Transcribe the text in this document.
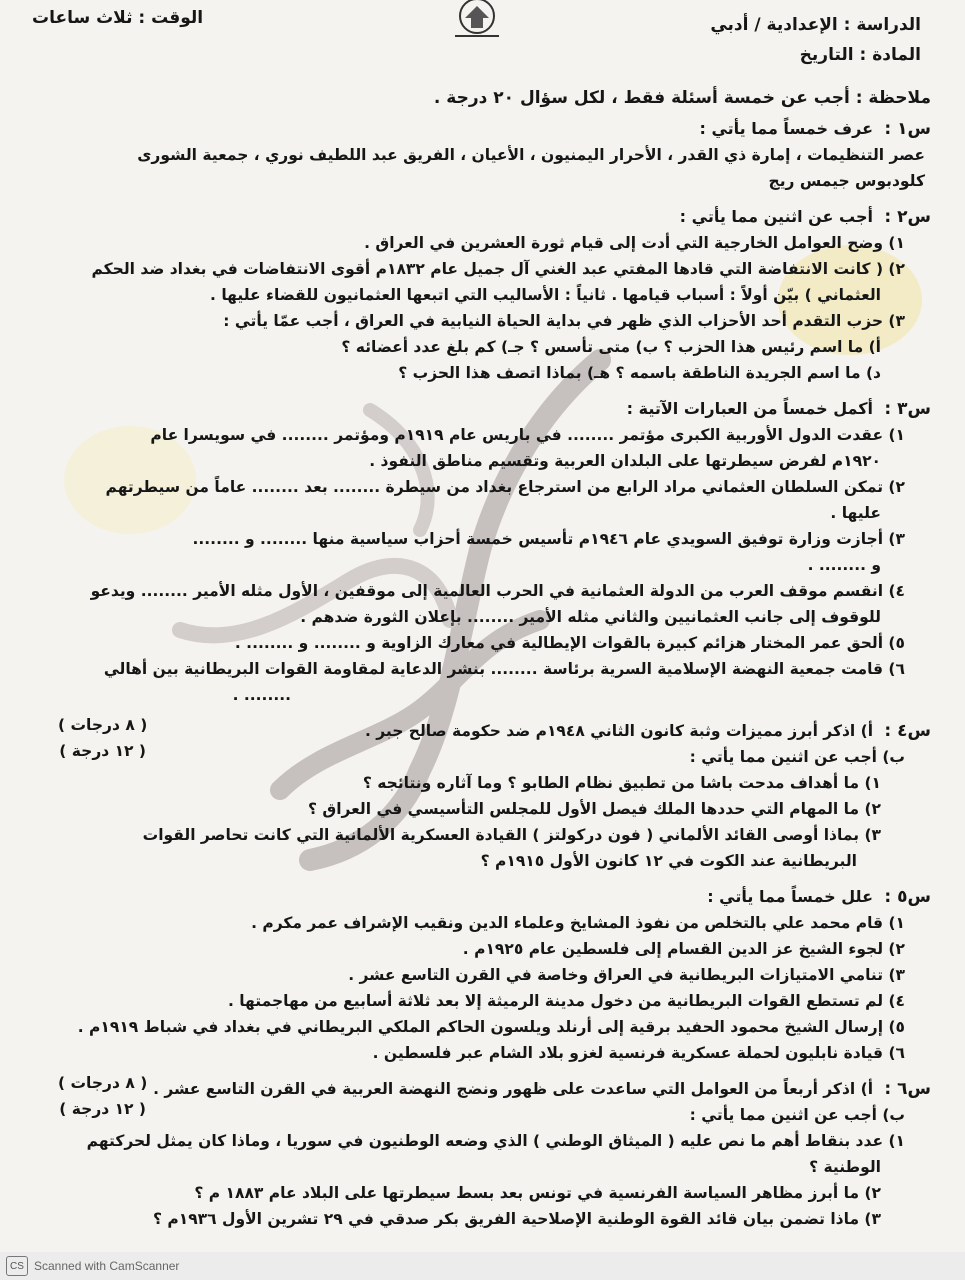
الدراسة : الإعدادية / أدبي
المادة : التاريخ
الوقت : ثلاث ساعات
ملاحظة : أجب عن خمسة أسئلة فقط ، لكل سؤال ٢٠ درجة .
س١ : عرف خمساً مما يأتي :
عصر التنظيمات ، إمارة ذي القدر ، الأحرار اليمنيون ، الأعيان ، الفريق عبد اللطيف نوري ، جمعية الشورى
كلودبوس جيمس ريج
س٢ : أجب عن اثنين مما يأتي :
١) وضح العوامل الخارجية التي أدت إلى قيام ثورة العشرين في العراق .
٢) ( كانت الانتفاضة التي قادها المفتي عبد الغني آل جميل عام ١٨٣٢م أقوى الانتفاضات في بغداد ضد الحكم
العثماني ) بيّن أولاً : أسباب قيامها . ثانياً : الأساليب التي اتبعها العثمانيون للقضاء عليها .
٣) حزب التقدم أحد الأحزاب الذي ظهر في بداية الحياة النيابية في العراق ، أجب عمّا يأتي :
أ) ما اسم رئيس هذا الحزب ؟ ب) متى تأسس ؟ جـ) كم بلغ عدد أعضائه ؟
د) ما اسم الجريدة الناطقة باسمه ؟ هـ) بماذا اتصف هذا الحزب ؟
س٣ : أكمل خمساً من العبارات الآتية :
١) عقدت الدول الأوربية الكبرى مؤتمر ........ في باريس عام ١٩١٩م ومؤتمر ........ في سويسرا عام
١٩٢٠م لفرض سيطرتها على البلدان العربية وتقسيم مناطق النفوذ .
٢) تمكن السلطان العثماني مراد الرابع من استرجاع بغداد من سيطرة ........ بعد ........ عاماً من سيطرتهم
عليها .
٣) أجازت وزارة توفيق السويدي عام ١٩٤٦م تأسيس خمسة أحزاب سياسية منها ........ و ........
و ........ .
٤) انقسم موقف العرب من الدولة العثمانية في الحرب العالمية إلى موقفين ، الأول مثله الأمير ........ ويدعو
للوقوف إلى جانب العثمانيين والثاني مثله الأمير ........ بإعلان الثورة ضدهم .
٥) ألحق عمر المختار هزائم كبيرة بالقوات الإيطالية في معارك الزاوية و ........ و ........ .
٦) قامت جمعية النهضة الإسلامية السرية برئاسة ........ بنشر الدعاية لمقاومة القوات البريطانية بين أهالي
........ .
( ٨ درجات )
( ١٢ درجة )
س٤ : أ) اذكر أبرز مميزات وثبة كانون الثاني ١٩٤٨م ضد حكومة صالح جبر .
ب) أجب عن اثنين مما يأتي :
١) ما أهداف مدحت باشا من تطبيق نظام الطابو ؟ وما آثاره ونتائجه ؟
٢) ما المهام التي حددها الملك فيصل الأول للمجلس التأسيسي في العراق ؟
٣) بماذا أوصى القائد الألماني ( فون دركولتز ) القيادة العسكرية الألمانية التي كانت تحاصر القوات
البريطانية عند الكوت في ١٢ كانون الأول ١٩١٥م ؟
س٥ : علل خمساً مما يأتي :
١) قام محمد علي بالتخلص من نفوذ المشايخ وعلماء الدين ونقيب الإشراف عمر مكرم .
٢) لجوء الشيخ عز الدين القسام إلى فلسطين عام ١٩٢٥م .
٣) تنامي الامتيازات البريطانية في العراق وخاصة في القرن التاسع عشر .
٤) لم تستطع القوات البريطانية من دخول مدينة الرميثة إلا بعد ثلاثة أسابيع من مهاجمتها .
٥) إرسال الشيخ محمود الحفيد برقية إلى أرنلد ويلسون الحاكم الملكي البريطاني في بغداد في شباط ١٩١٩م .
٦) قيادة نابليون لحملة عسكرية فرنسية لغزو بلاد الشام عبر فلسطين .
( ٨ درجات )
( ١٢ درجة )
س٦ : أ) اذكر أربعاً من العوامل التي ساعدت على ظهور ونضج النهضة العربية في القرن التاسع عشر .
ب) أجب عن اثنين مما يأتي :
١) عدد بنقاط أهم ما نص عليه ( الميثاق الوطني ) الذي وضعه الوطنيون في سوريا ، وماذا كان يمثل لحركتهم
الوطنية ؟
٢) ما أبرز مظاهر السياسة الفرنسية في تونس بعد بسط سيطرتها على البلاد عام ١٨٨٣ م ؟
٣) ماذا تضمن بيان قائد القوة الوطنية الإصلاحية الفريق بكر صدقي في ٢٩ تشرين الأول ١٩٣٦م ؟
CS Scanned with CamScanner
